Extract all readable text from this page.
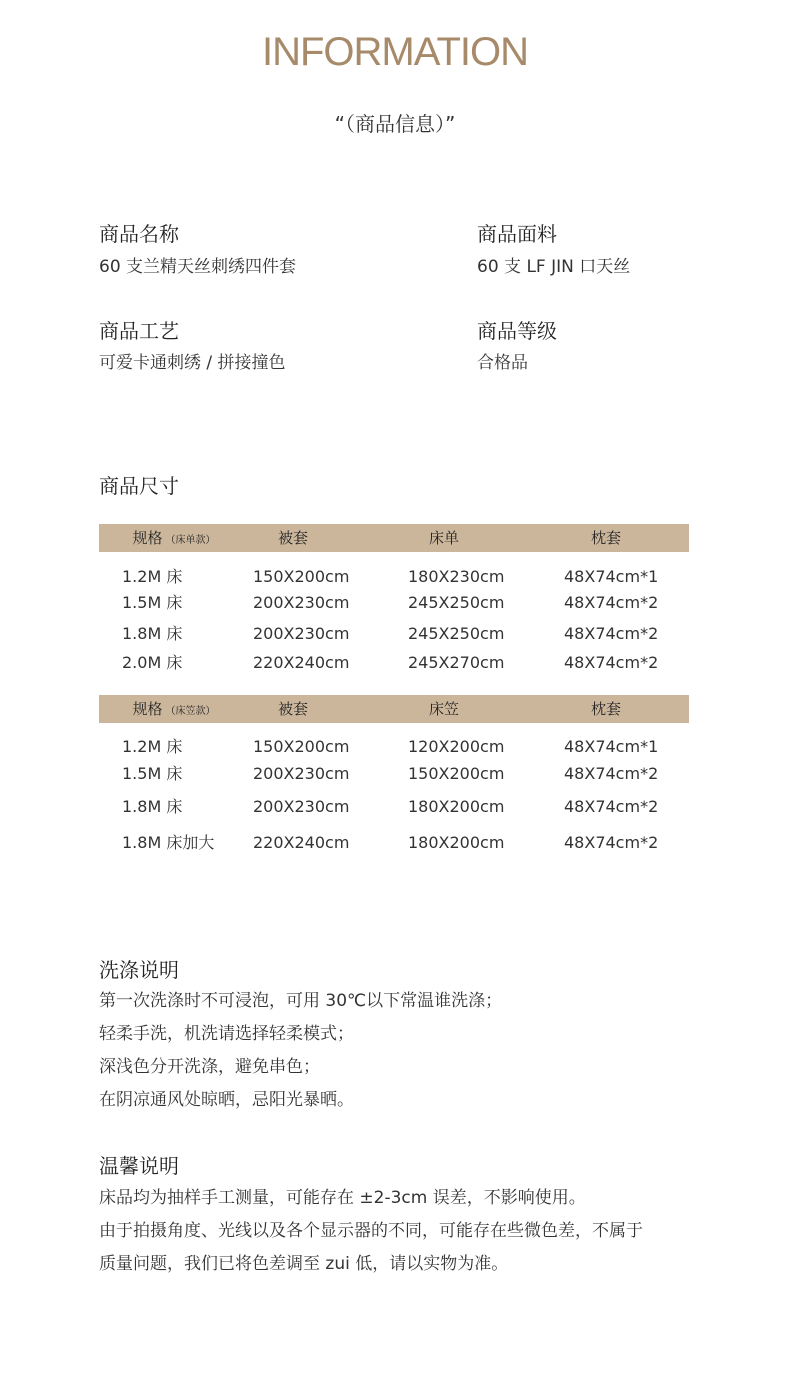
INFORMATION
“（商品信息）”
商品名称
60 支兰精天丝刺绣四件套
商品面料
60 支 LF JIN 口天丝
商品工艺
可爱卡通刺绣 / 拼接撞色
商品等级
合格品
商品尺寸
规格 （床单款）	被套	床单	枕套
1.2M 床	150X200cm	180X230cm	48X74cm*1
1.5M 床	200X230cm	245X250cm	48X74cm*2
1.8M 床	200X230cm	245X250cm	48X74cm*2
2.0M 床	220X240cm	245X270cm	48X74cm*2
规格 （床笠款）	被套	床笠	枕套
1.2M 床	150X200cm	120X200cm	48X74cm*1
1.5M 床	200X230cm	150X200cm	48X74cm*2
1.8M 床	200X230cm	180X200cm	48X74cm*2
1.8M 床加大 220X240cm	180X200cm	48X74cm*2
洗涤说明
第一次洗涤时不可浸泡，可用 30℃以下常温谁洗涤；
轻柔手洗，机洗请选择轻柔模式；
深浅色分开洗涤，避免串色；
在阴凉通风处晾晒，忌阳光暴晒。
温馨说明
床品均为抽样手工测量，可能存在 ±2-3cm 误差，不影响使用。
由于拍摄角度、光线以及各个显示器的不同，可能存在些微色差，不属于
质量问题，我们已将色差调至 zui 低，请以实物为准。
